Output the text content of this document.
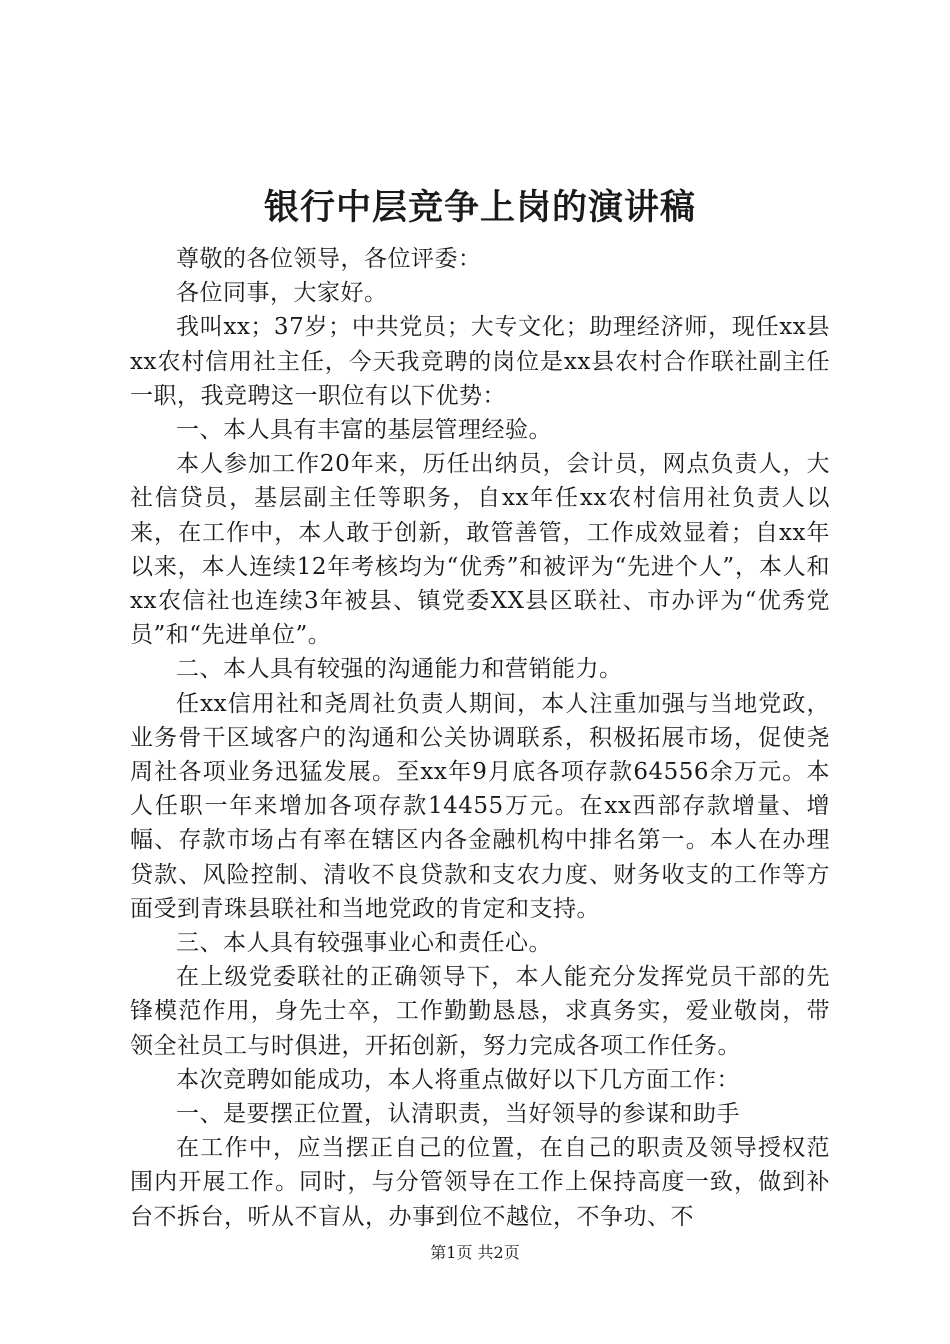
银行中层竞争上岗的演讲稿

尊敬的各位领导，各位评委：

各位同事，大家好。

我叫xx；37岁；中共党员；大专文化；助理经济师，现任xx县xx农村信用社主任，今天我竞聘的岗位是xx县农村合作联社副主任一职，我竞聘这一职位有以下优势：

一、本人具有丰富的基层管理经验。

本人参加工作20年来，历任出纳员，会计员，网点负责人，大社信贷员，基层副主任等职务，自xx年任xx农村信用社负责人以来，在工作中，本人敢于创新，敢管善管，工作成效显着；自xx年以来，本人连续12年考核均为“优秀”和被评为“先进个人”，本人和xx农信社也连续3年被县、镇党委XX县区联社、市办评为“优秀党员”和“先进单位”。

二、本人具有较强的沟通能力和营销能力。

任xx信用社和尧周社负责人期间，本人注重加强与当地党政，业务骨干区域客户的沟通和公关协调联系，积极拓展市场，促使尧周社各项业务迅猛发展。至xx年9月底各项存款64556余万元。本人任职一年来增加各项存款14455万元。在xx西部存款增量、增幅、存款市场占有率在辖区内各金融机构中排名第一。本人在办理贷款、风险控制、清收不良贷款和支农力度、财务收支的工作等方面受到青珠县联社和当地党政的肯定和支持。

三、本人具有较强事业心和责任心。

在上级党委联社的正确领导下，本人能充分发挥党员干部的先锋模范作用，身先士卒，工作勤勤恳恳，求真务实，爱业敬岗，带领全社员工与时俱进，开拓创新，努力完成各项工作任务。

本次竞聘如能成功，本人将重点做好以下几方面工作：

一、是要摆正位置，认清职责，当好领导的参谋和助手

在工作中，应当摆正自己的位置，在自己的职责及领导授权范围内开展工作。同时，与分管领导在工作上保持高度一致，做到补台不拆台，听从不盲从，办事到位不越位，不争功、不

第1页 共2页
